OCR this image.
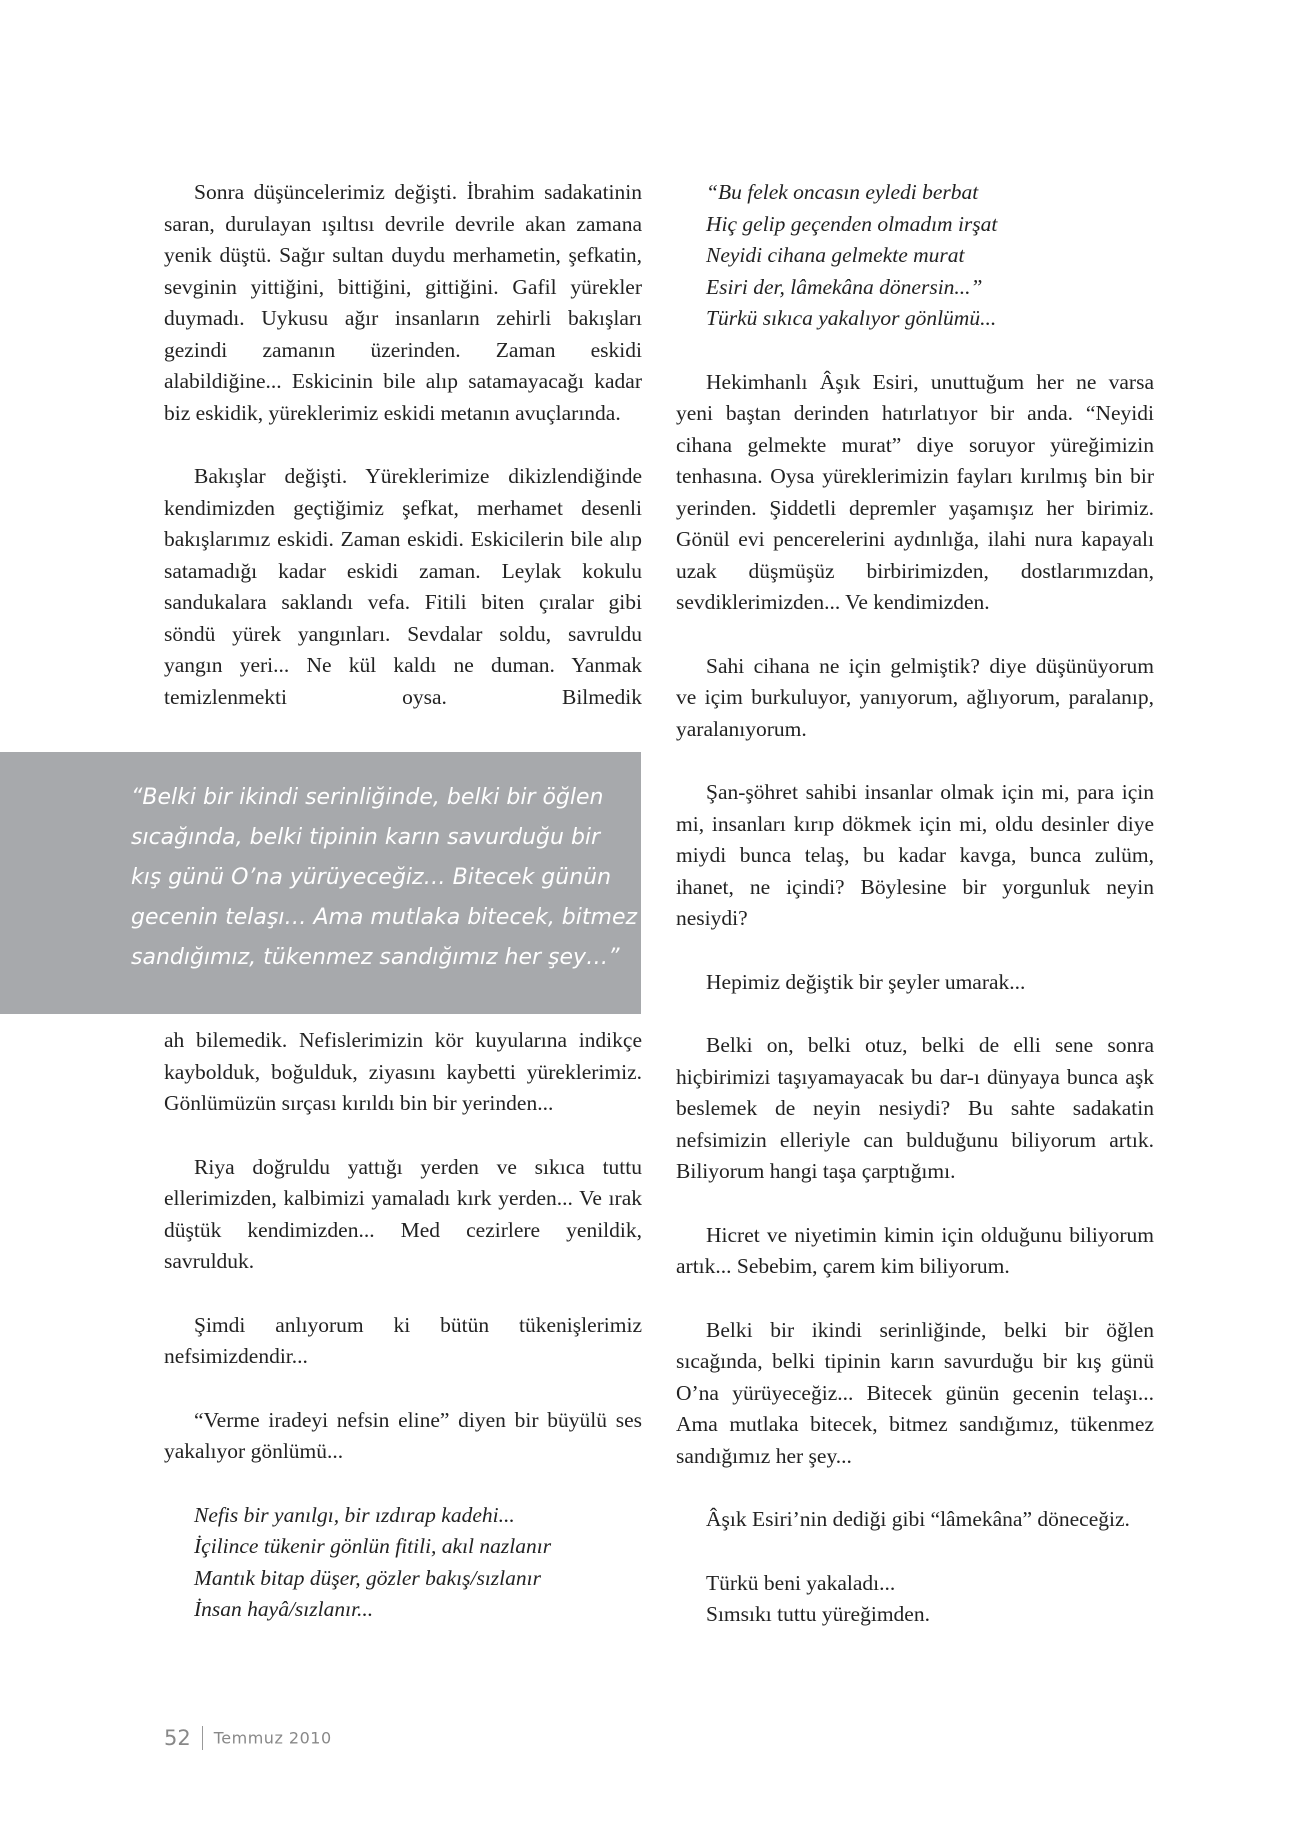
Sonra düşüncelerimiz değişti. İbrahim sadakatinin saran, durulayan ışıltısı devrile devrile akan zamana yenik düştü. Sağır sultan duydu merhametin, şefkatin, sevginin yittiğini, bittiğini, gittiğini. Gafil yürekler duymadı. Uykusu ağır insanların zehirli bakışları gezindi zamanın üzerinden. Zaman eskidi alabildiğine... Eskicinin bile alıp satamayacağı kadar biz eskidik, yüreklerimiz eskidi metanın avuçlarında.

Bakışlar değişti. Yüreklerimize dikizlendiğinde kendimizden geçtiğimiz şefkat, merhamet desenli bakışlarımız eskidi. Zaman eskidi. Eskicilerin bile alıp satamadığı kadar eskidi zaman. Leylak kokulu sandukalara saklandı vefa. Fitili biten çıralar gibi söndü yürek yangınları. Sevdalar soldu, savruldu yangın yeri... Ne kül kaldı ne duman. Yanmak temizlenmekti oysa. Bilmedik

“Belki bir ikindi serinliğinde, belki bir öğlen
sıcağında, belki tipinin karın savurduğu bir
kış günü O’na yürüyeceğiz… Bitecek günün
gecenin telaşı… Ama mutlaka bitecek, bitmez
sandığımız, tükenmez sandığımız her şey…”

ah bilemedik. Nefislerimizin kör kuyularına indikçe kaybolduk, boğulduk, ziyasını kaybetti yüreklerimiz. Gönlümüzün sırçası kırıldı bin bir yerinden...

Riya doğruldu yattığı yerden ve sıkıca tuttu ellerimizden, kalbimizi yamaladı kırk yerden... Ve ırak düştük kendimizden... Med cezirlere yenildik, savrulduk.

Şimdi anlıyorum ki bütün tükenişlerimiz nefsimizdendir...

“Verme iradeyi nefsin eline” diyen bir büyülü ses yakalıyor gönlümü...

Nefis bir yanılgı, bir ızdırap kadehi...
İçilince tükenir gönlün fitili, akıl nazlanır
Mantık bitap düşer, gözler bakış/sızlanır
İnsan hayâ/sızlanır...
“Bu felek oncasın eyledi berbat
Hiç gelip geçenden olmadım irşat
Neyidi cihana gelmekte murat
Esiri der, lâmekâna dönersin...”
Türkü sıkıca yakalıyor gönlümü...

Hekimhanlı Âşık Esiri, unuttuğum her ne varsa yeni baştan derinden hatırlatıyor bir anda. “Neyidi cihana gelmekte murat” diye soruyor yüreğimizin tenhasına. Oysa yüreklerimizin fayları kırılmış bin bir yerinden. Şiddetli depremler yaşamışız her birimiz. Gönül evi pencerelerini aydınlığa, ilahi nura kapayalı uzak düşmüşüz birbirimizden, dostlarımızdan, sevdiklerimizden... Ve kendimizden.

Sahi cihana ne için gelmiştik? diye düşünüyorum ve içim burkuluyor, yanıyorum, ağlıyorum, paralanıp, yaralanıyorum.

Şan-şöhret sahibi insanlar olmak için mi, para için mi, insanları kırıp dökmek için mi, oldu desinler diye miydi bunca telaş, bu kadar kavga, bunca zulüm, ihanet, ne içindi? Böylesine bir yorgunluk neyin nesiydi?

Hepimiz değiştik bir şeyler umarak...

Belki on, belki otuz, belki de elli sene sonra hiçbirimizi taşıyamayacak bu dar-ı dünyaya bunca aşk beslemek de neyin nesiydi? Bu sahte sadakatin nefsimizin elleriyle can bulduğunu biliyorum artık. Biliyorum hangi taşa çarptığımı.

Hicret ve niyetimin kimin için olduğunu biliyorum artık... Sebebim, çarem kim biliyorum.

Belki bir ikindi serinliğinde, belki bir öğlen sıcağında, belki tipinin karın savurduğu bir kış günü O’na yürüyeceğiz... Bitecek günün gecenin telaşı... Ama mutlaka bitecek, bitmez sandığımız, tükenmez sandığımız her şey...

Âşık Esiri’nin dediği gibi “lâmekâna” döneceğiz.

Türkü beni yakaladı...
Sımsıkı tuttu yüreğimden.
52 Temmuz 2010
